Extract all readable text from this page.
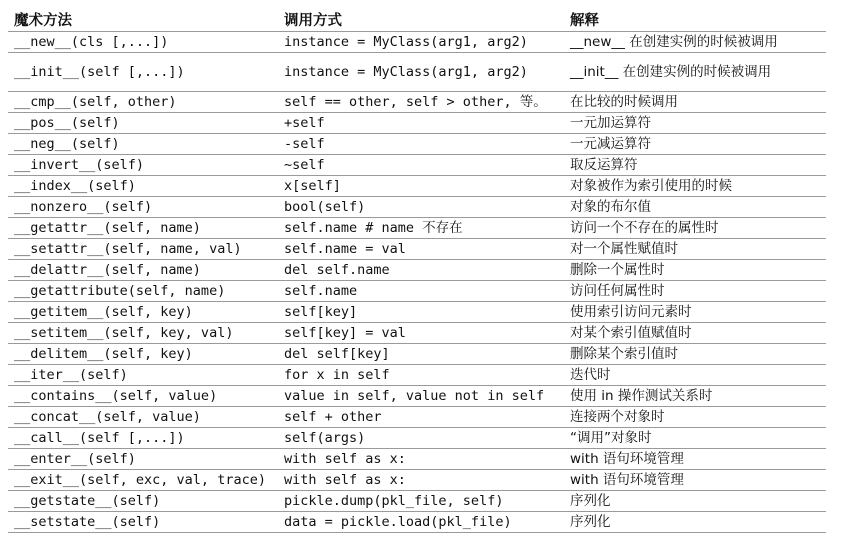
魔术方法	调用方式	解释
__new__(cls [,...])	instance = MyClass(arg1, arg2)	__new__ 在创建实例的时候被调用
__init__(self [,...])	instance = MyClass(arg1, arg2)	__init__ 在创建实例的时候被调用
__cmp__(self, other)	self == other, self > other, 等。	在比较的时候调用
__pos__(self)	+self	一元加运算符
__neg__(self)	-self	一元减运算符
__invert__(self)	~self	取反运算符
__index__(self)	x[self]	对象被作为索引使用的时候
__nonzero__(self)	bool(self)	对象的布尔值
__getattr__(self, name)	self.name # name 不存在	访问一个不存在的属性时
__setattr__(self, name, val)	self.name = val	对一个属性赋值时
__delattr__(self, name)	del self.name	删除一个属性时
__getattribute(self, name)	self.name	访问任何属性时
__getitem__(self, key)	self[key]	使用索引访问元素时
__setitem__(self, key, val)	self[key] = val	对某个索引值赋值时
__delitem__(self, key)	del self[key]	删除某个索引值时
__iter__(self)	for x in self	迭代时
__contains__(self, value)	value in self, value not in self	使用 in 操作测试关系时
__concat__(self, value)	self + other	连接两个对象时
__call__(self [,...])	self(args)	“调用”对象时
__enter__(self)	with self as x:	with 语句环境管理
__exit__(self, exc, val, trace)	with self as x:	with 语句环境管理
__getstate__(self)	pickle.dump(pkl_file, self)	序列化
__setstate__(self)	data = pickle.load(pkl_file)	序列化
